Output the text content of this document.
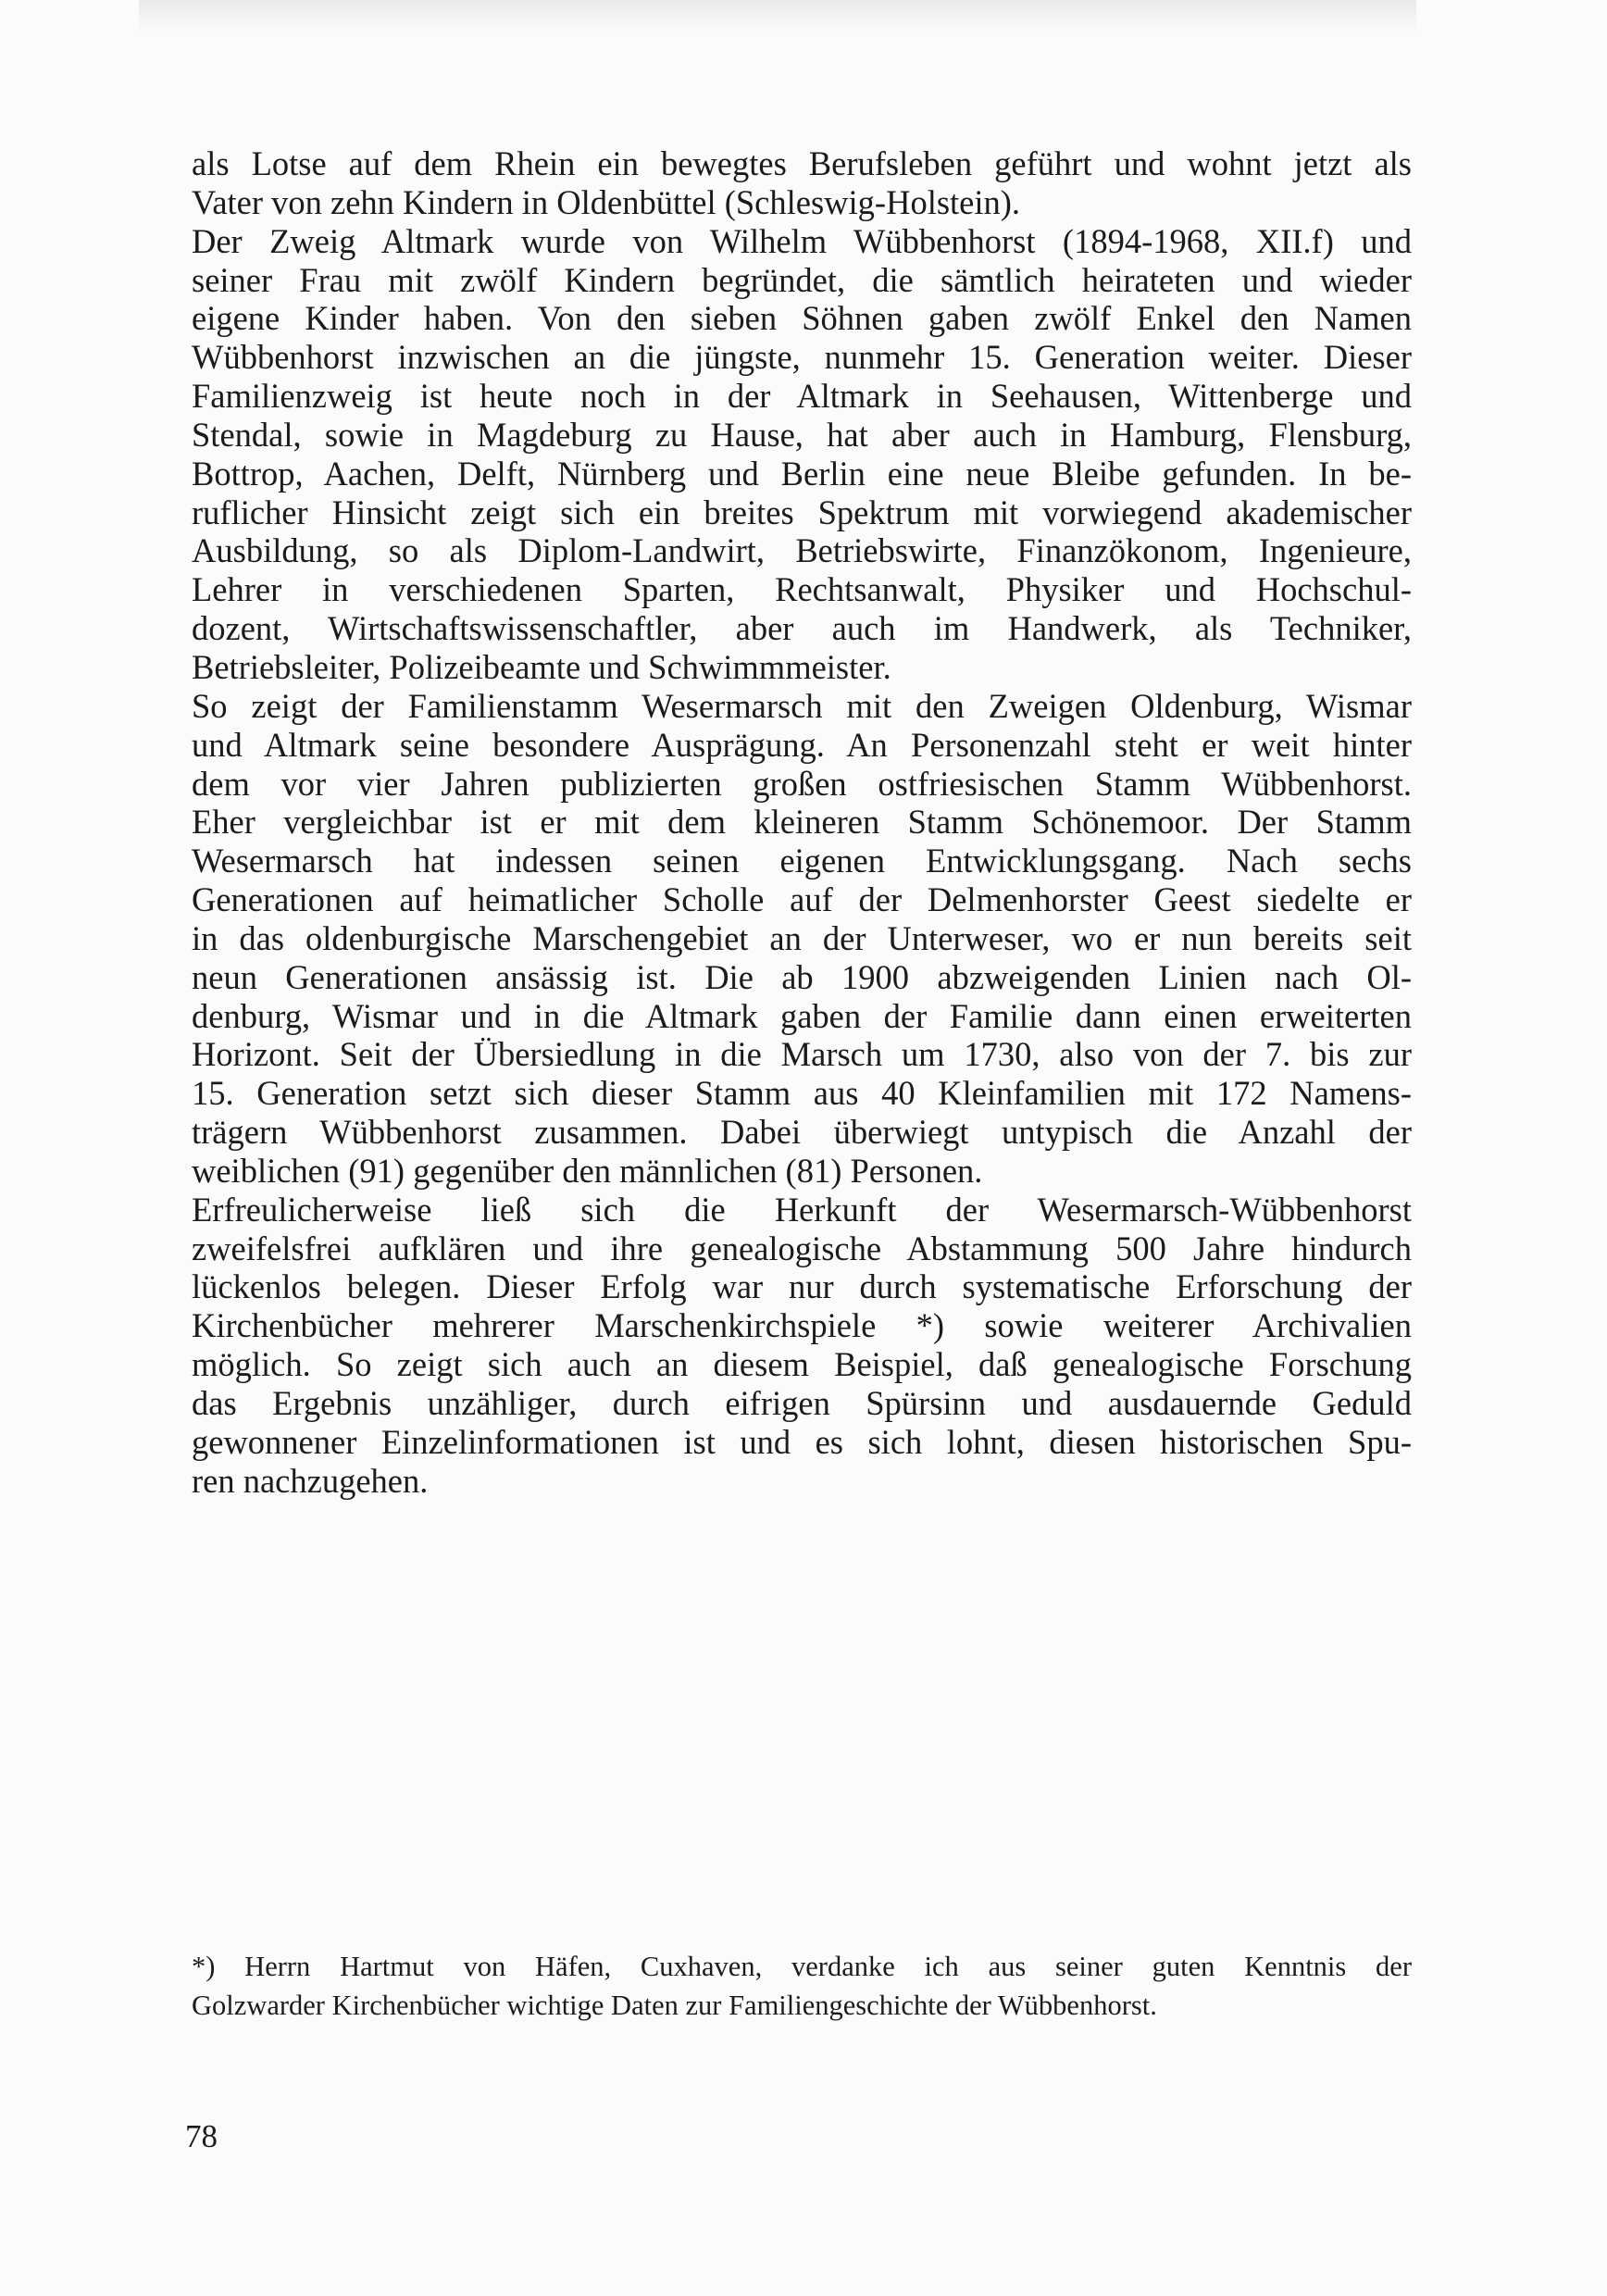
als Lotse auf dem Rhein ein bewegtes Berufsleben geführt und wohnt jetzt als
Vater von zehn Kindern in Oldenbüttel (Schleswig-Holstein).
Der Zweig Altmark wurde von Wilhelm Wübbenhorst (1894-1968, XII.f) und
seiner Frau mit zwölf Kindern begründet, die sämtlich heirateten und wieder
eigene Kinder haben. Von den sieben Söhnen gaben zwölf Enkel den Namen
Wübbenhorst inzwischen an die jüngste, nunmehr 15. Generation weiter. Dieser
Familienzweig ist heute noch in der Altmark in Seehausen, Wittenberge und
Stendal, sowie in Magdeburg zu Hause, hat aber auch in Hamburg, Flensburg,
Bottrop, Aachen, Delft, Nürnberg und Berlin eine neue Bleibe gefunden. In be-
ruflicher Hinsicht zeigt sich ein breites Spektrum mit vorwiegend akademischer
Ausbildung, so als Diplom-Landwirt, Betriebswirte, Finanzökonom, Ingenieure,
Lehrer in verschiedenen Sparten, Rechtsanwalt, Physiker und Hochschul-
dozent, Wirtschaftswissenschaftler, aber auch im Handwerk, als Techniker,
Betriebsleiter, Polizeibeamte und Schwimmmeister.
So zeigt der Familienstamm Wesermarsch mit den Zweigen Oldenburg, Wismar
und Altmark seine besondere Ausprägung. An Personenzahl steht er weit hinter
dem vor vier Jahren publizierten großen ostfriesischen Stamm Wübbenhorst.
Eher vergleichbar ist er mit dem kleineren Stamm Schönemoor. Der Stamm
Wesermarsch hat indessen seinen eigenen Entwicklungsgang. Nach sechs
Generationen auf heimatlicher Scholle auf der Delmenhorster Geest siedelte er
in das oldenburgische Marschengebiet an der Unterweser, wo er nun bereits seit
neun Generationen ansässig ist. Die ab 1900 abzweigenden Linien nach Ol-
denburg, Wismar und in die Altmark gaben der Familie dann einen erweiterten
Horizont. Seit der Übersiedlung in die Marsch um 1730, also von der 7. bis zur
15. Generation setzt sich dieser Stamm aus 40 Kleinfamilien mit 172 Namens-
trägern Wübbenhorst zusammen. Dabei überwiegt untypisch die Anzahl der
weiblichen (91) gegenüber den männlichen (81) Personen.
Erfreulicherweise ließ sich die Herkunft der Wesermarsch-Wübbenhorst
zweifelsfrei aufklären und ihre genealogische Abstammung 500 Jahre hindurch
lückenlos belegen. Dieser Erfolg war nur durch systematische Erforschung der
Kirchenbücher mehrerer Marschenkirchspiele *) sowie weiterer Archivalien
möglich. So zeigt sich auch an diesem Beispiel, daß genealogische Forschung
das Ergebnis unzähliger, durch eifrigen Spürsinn und ausdauernde Geduld
gewonnener Einzelinformationen ist und es sich lohnt, diesen historischen Spu-
ren nachzugehen.
*) Herrn Hartmut von Häfen, Cuxhaven, verdanke ich aus seiner guten Kenntnis der
Golzwarder Kirchenbücher wichtige Daten zur Familiengeschichte der Wübbenhorst.
78
